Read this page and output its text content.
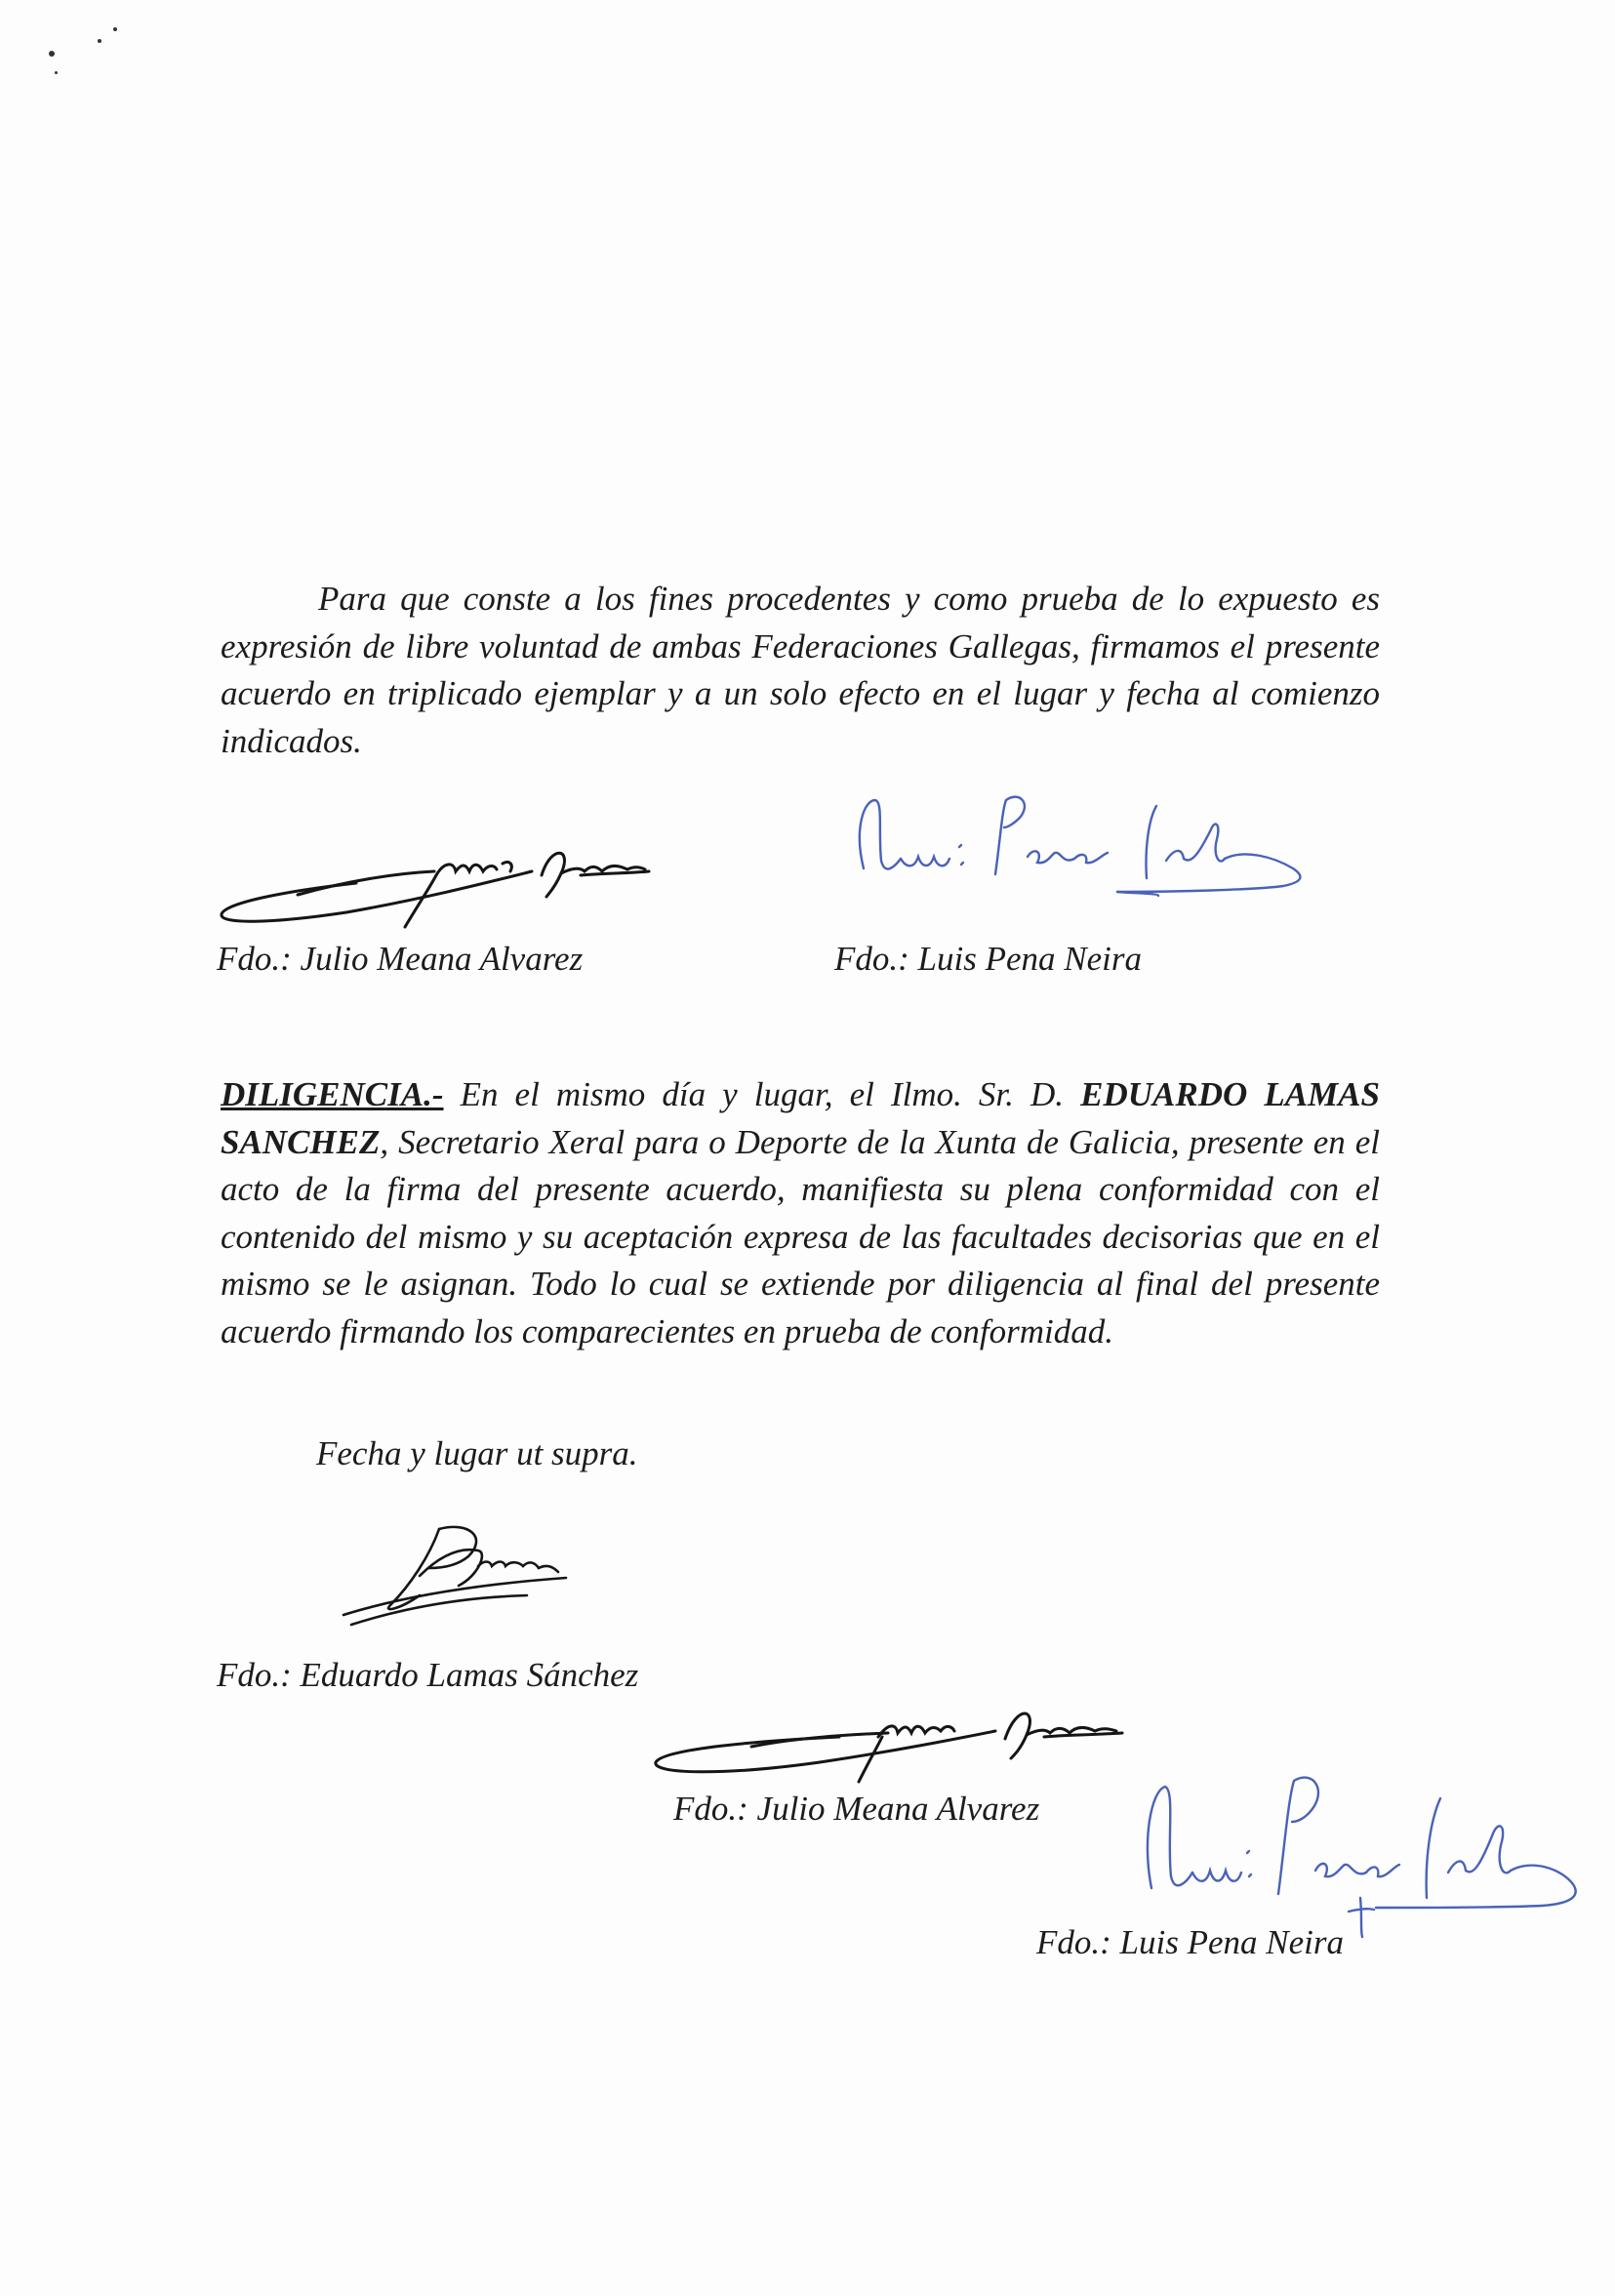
Para que conste a los fines procedentes y como prueba de lo expuesto es expresión de libre voluntad de ambas Federaciones Gallegas, firmamos el presente acuerdo en triplicado ejemplar y a un solo efecto en el lugar y fecha al comienzo indicados.

Fdo.: Julio Meana Alvarez	Fdo.: Luis Pena Neira

DILIGENCIA.- En el mismo día y lugar, el Ilmo. Sr. D. EDUARDO LAMAS SANCHEZ, Secretario Xeral para o Deporte de la Xunta de Galicia, presente en el acto de la firma del presente acuerdo, manifiesta su plena conformidad con el contenido del mismo y su aceptación expresa de las facultades decisorias que en el mismo se le asignan. Todo lo cual se extiende por diligencia al final del presente acuerdo firmando los comparecientes en prueba de conformidad.

Fecha y lugar ut supra.
Fdo.: Eduardo Lamas Sánchez
Fdo.: Julio Meana Alvarez
Fdo.: Luis Pena Neira
